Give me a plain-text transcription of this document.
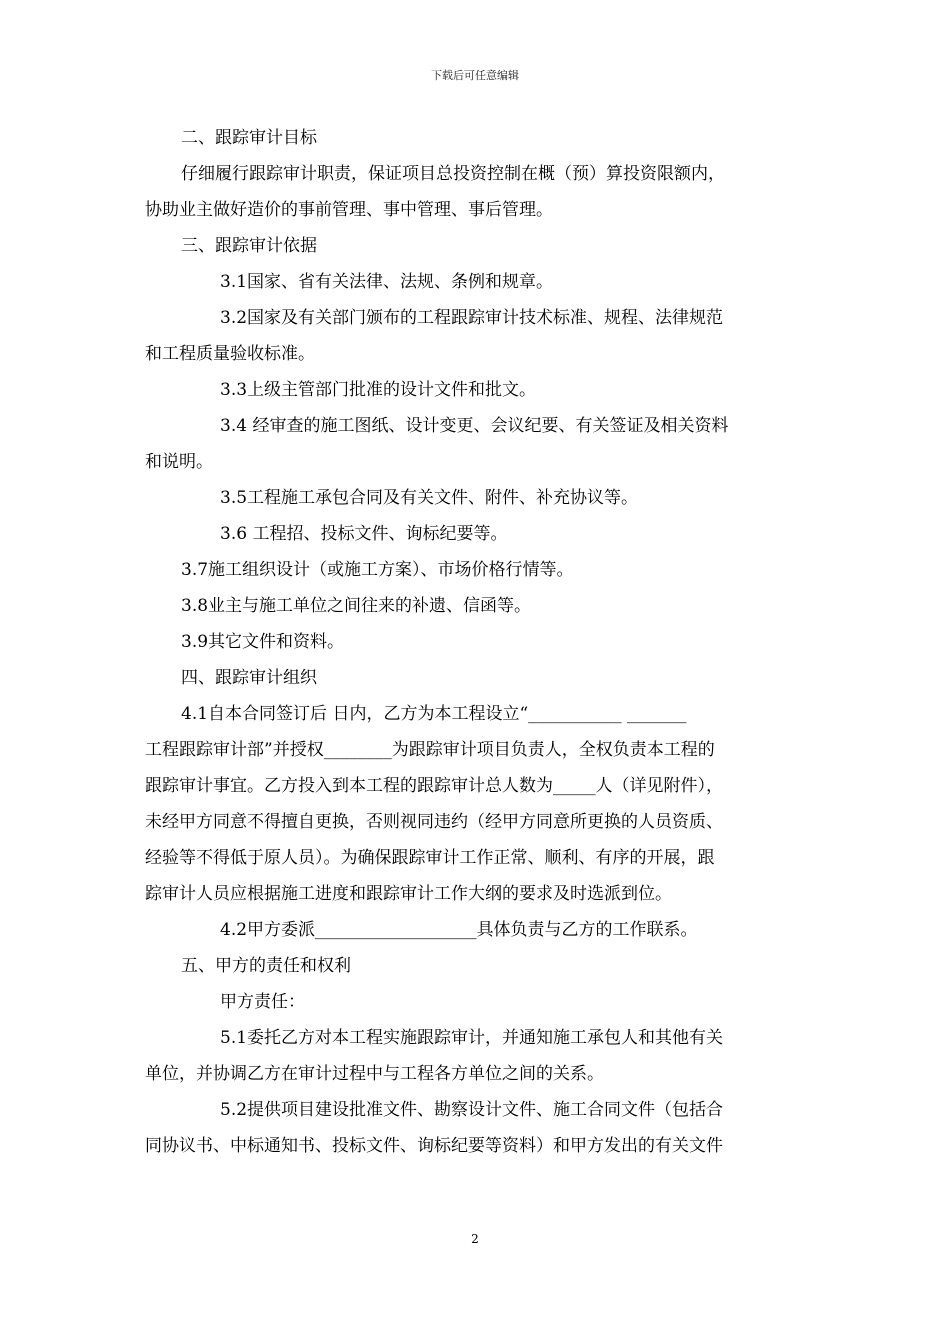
下载后可任意编辑

二、跟踪审计目标

仔细履行跟踪审计职责，保证项目总投资控制在概（预）算投资限额内，

协助业主做好造价的事前管理、事中管理、事后管理。

三、跟踪审计依据

3.1国家、省有关法律、法规、条例和规章。

3.2国家及有关部门颁布的工程跟踪审计技术标准、规程、法律规范

和工程质量验收标准。

3.3上级主管部门批准的设计文件和批文。

3.4 经审查的施工图纸、设计变更、会议纪要、有关签证及相关资料

和说明。

3.5工程施工承包合同及有关文件、附件、补充协议等。

3.6 工程招、投标文件、询标纪要等。

3.7施工组织设计（或施工方案）、市场价格行情等。

3.8业主与施工单位之间往来的补遗、信函等。

3.9其它文件和资料。

四、跟踪审计组织

4.1自本合同签订后 日内，乙方为本工程设立“___________ _______

工程跟踪审计部”并授权________为跟踪审计项目负责人，全权负责本工程的

跟踪审计事宜。乙方投入到本工程的跟踪审计总人数为_____人（详见附件），

未经甲方同意不得擅自更换，否则视同违约（经甲方同意所更换的人员资质、

经验等不得低于原人员）。为确保跟踪审计工作正常、顺利、有序的开展，跟

踪审计人员应根据施工进度和跟踪审计工作大纲的要求及时选派到位。

4.2甲方委派___________________具体负责与乙方的工作联系。

五、甲方的责任和权利

甲方责任：

5.1委托乙方对本工程实施跟踪审计，并通知施工承包人和其他有关

单位，并协调乙方在审计过程中与工程各方单位之间的关系。

5.2提供项目建设批准文件、勘察设计文件、施工合同文件（包括合

同协议书、中标通知书、投标文件、询标纪要等资料）和甲方发出的有关文件

2
